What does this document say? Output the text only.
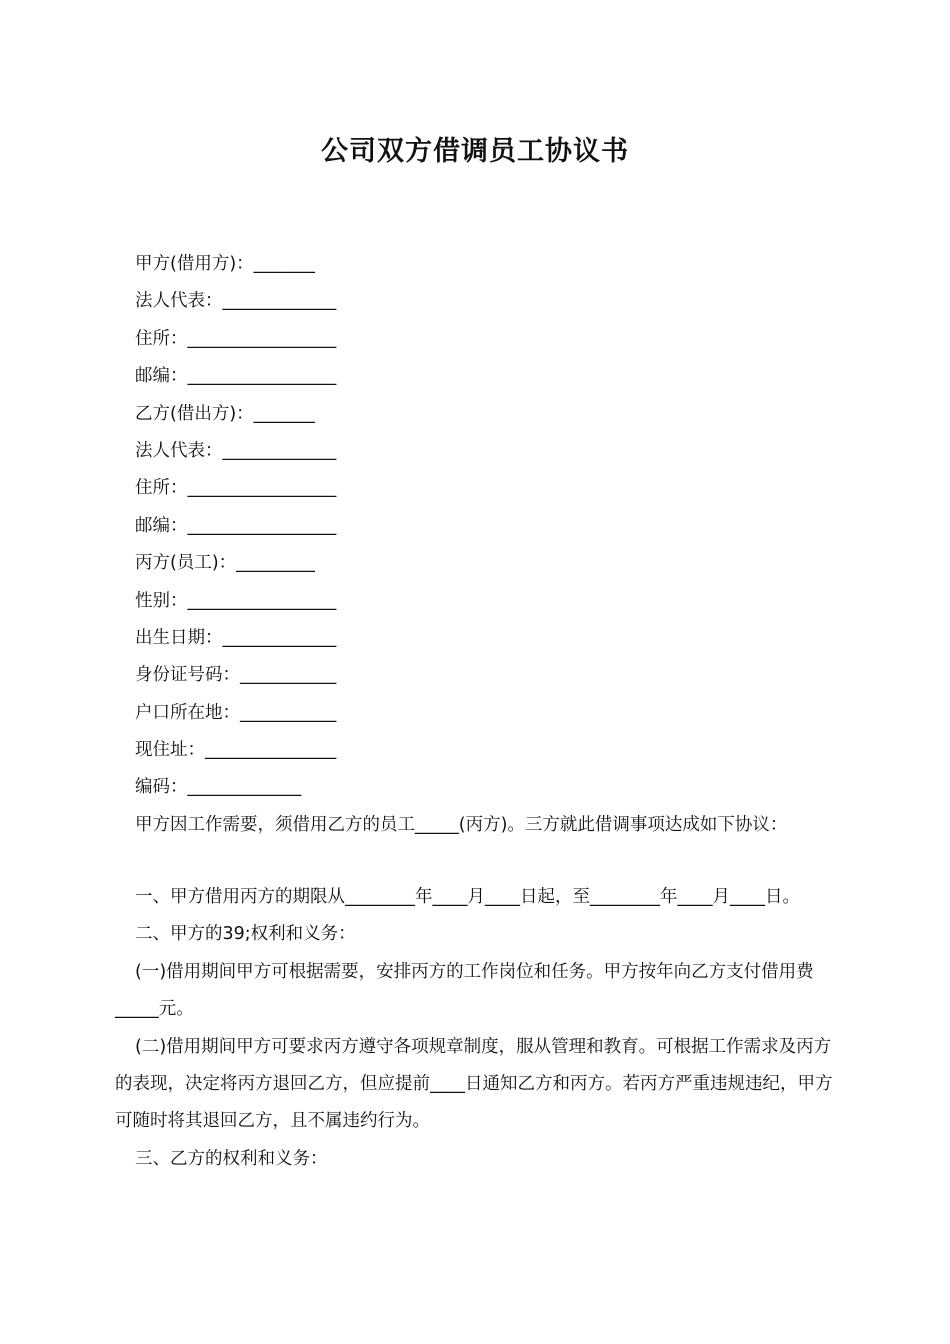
公司双方借调员工协议书
甲方(借用方)：_______
法人代表：_____________
住所：_________________
邮编：_________________
乙方(借出方)：_______
法人代表：_____________
住所：_________________
邮编：_________________
丙方(员工)：_________
性别：_________________
出生日期：_____________
身份证号码：___________
户口所在地：___________
现住址：_______________
编码：_____________
甲方因工作需要，须借用乙方的员工_____(丙方)。三方就此借调事项达成如下协议：

一、甲方借用丙方的期限从________年____月____日起，至________年____月____日。

二、甲方的39;权利和义务：

(一)借用期间甲方可根据需要，安排丙方的工作岗位和任务。甲方按年向乙方支付借用费_____元。

(二)借用期间甲方可要求丙方遵守各项规章制度，服从管理和教育。可根据工作需求及丙方的表现，决定将丙方退回乙方，但应提前____日通知乙方和丙方。若丙方严重违规违纪，甲方可随时将其退回乙方，且不属违约行为。

三、乙方的权利和义务：
